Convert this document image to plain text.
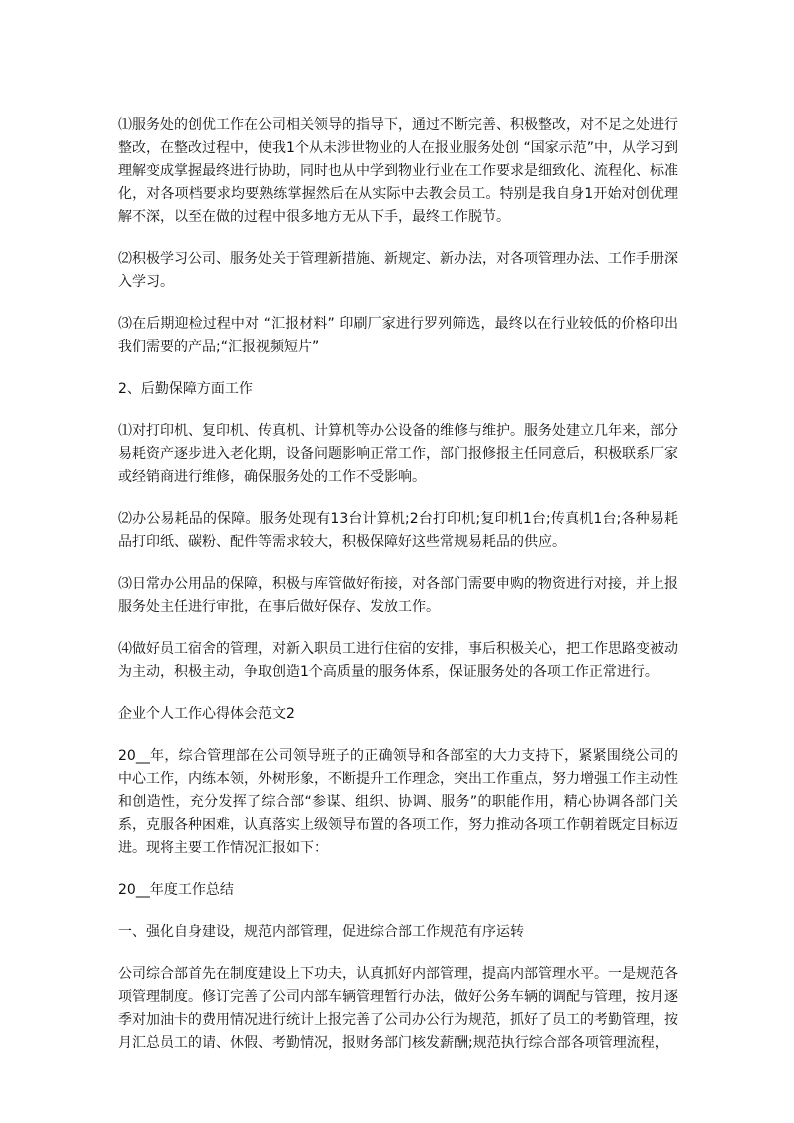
⑴服务处的创优工作在公司相关领导的指导下，通过不断完善、积极整改，对不足之处进行整改，在整改过程中，使我1个从未涉世物业的人在报业服务处创 “国家示范”中，从学习到理解变成掌握最终进行协助，同时也从中学到物业行业在工作要求是细致化、流程化、标准化，对各项档要求均要熟练掌握然后在从实际中去教会员工。特别是我自身1开始对创优理解不深，以至在做的过程中很多地方无从下手，最终工作脱节。

⑵积极学习公司、服务处关于管理新措施、新规定、新办法，对各项管理办法、工作手册深入学习。

⑶在后期迎检过程中对 “汇报材料” 印刷厂家进行罗列筛选，最终以在行业较低的价格印出我们需要的产品;“汇报视频短片”

2、后勤保障方面工作

⑴对打印机、复印机、传真机、计算机等办公设备的维修与维护。服务处建立几年来，部分易耗资产逐步进入老化期，设备问题影响正常工作，部门报修报主任同意后，积极联系厂家或经销商进行维修，确保服务处的工作不受影响。

⑵办公易耗品的保障。服务处现有13台计算机;2台打印机;复印机1台;传真机1台;各种易耗品打印纸、碳粉、配件等需求较大，积极保障好这些常规易耗品的供应。

⑶日常办公用品的保障，积极与库管做好衔接，对各部门需要申购的物资进行对接，并上报服务处主任进行审批，在事后做好保存、发放工作。

⑷做好员工宿舍的管理，对新入职员工进行住宿的安排，事后积极关心，把工作思路变被动为主动，积极主动，争取创造1个高质量的服务体系，保证服务处的各项工作正常进行。

企业个人工作心得体会范文2

20__年，综合管理部在公司领导班子的正确领导和各部室的大力支持下，紧紧围绕公司的中心工作，内练本领，外树形象，不断提升工作理念，突出工作重点，努力增强工作主动性和创造性，充分发挥了综合部“参谋、组织、协调、服务”的职能作用，精心协调各部门关系，克服各种困难，认真落实上级领导布置的各项工作，努力推动各项工作朝着既定目标迈进。现将主要工作情况汇报如下：

20__年度工作总结

一、强化自身建设，规范内部管理，促进综合部工作规范有序运转

公司综合部首先在制度建设上下功夫，认真抓好内部管理，提高内部管理水平。一是规范各项管理制度。修订完善了公司内部车辆管理暂行办法，做好公务车辆的调配与管理，按月逐季对加油卡的费用情况进行统计上报完善了公司办公行为规范，抓好了员工的考勤管理，按月汇总员工的请、休假、考勤情况，报财务部门核发薪酬;规范执行综合部各项管理流程，
